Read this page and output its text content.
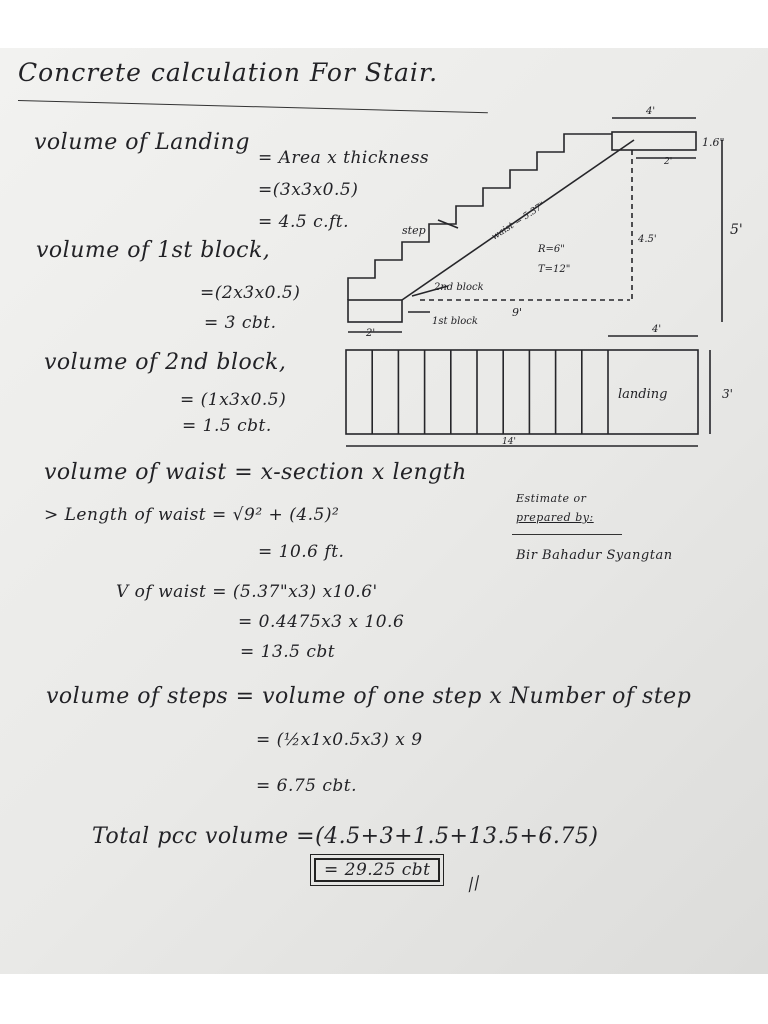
Concrete calculation For Stair.
volume of Landing
= Area x thickness
=(3x3x0.5)
= 4.5 c.ft.
volume of 1st block,
=(2x3x0.5)
= 3 cbt.
volume of 2nd block,
= (1x3x0.5)
= 1.5 cbt.
volume of waist = x-section x length
> Length of waist = √9² + (4.5)²
= 10.6 ft.
V of waist = (5.37"x3) x10.6'
= 0.4475x3 x 10.6
= 13.5 cbt
volume of steps = volume of one step x Number of step
= (½x1x0.5x3) x 9
= 6.75 cbt.
Total pcc volume =(4.5+3+1.5+13.5+6.75)
= 29.25 cbt
//
Estimate or
prepared by:
Bir Bahadur Syangtan
4'
1.6"
2'
step	waist = 5.37"
R=6"
T=12"
4.5'
5'
2nd block
1st block
9'
2'	4'
landing	3'
14'
